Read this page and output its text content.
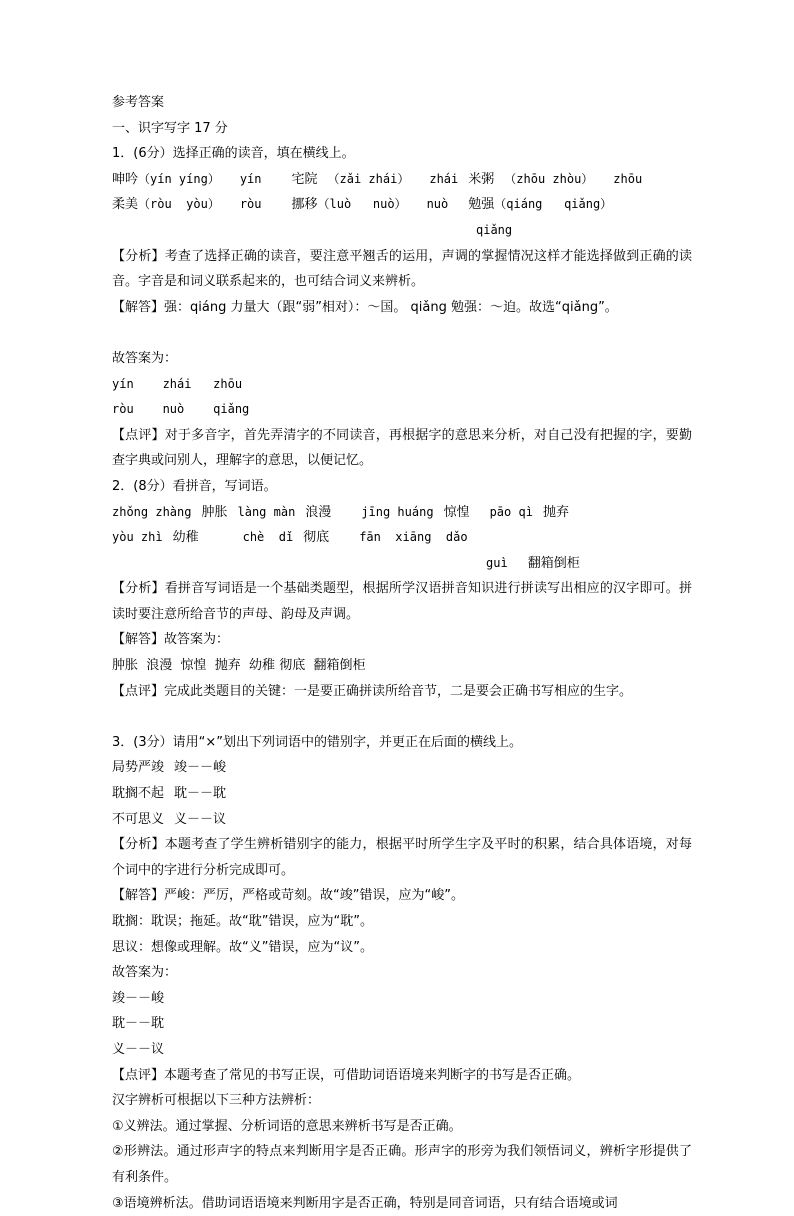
参考答案
一、识字写字 17 分
1．(6分）选择正确的读音，填在横线上。
呻吟（yín yíng） yín 宅院 （zǎi zhái） zhái 米粥 （zhōu zhòu） zhōu
柔美（ròu  yòu） ròu 挪移（luò   nuò） nuò 勉强（qiáng   qiǎng）
qiǎng
【分析】考查了选择正确的读音，要注意平翘舌的运用，声调的掌握情况这样才能选择做到正确的读音。字音是和词义联系起来的，也可结合词义来辨析。
【解答】强：qiáng 力量大（跟“弱”相对）：～国。 qiǎng 勉强：～迫。故选“qiǎng”。
故答案为：
yín    zhái   zhōu
ròu    nuò    qiǎng
【点评】对于多音字，首先弄清字的不同读音，再根据字的意思来分析，对自己没有把握的字，要勤查字典或问别人，理解字的意思，以便记忆。
2．(8分）看拼音，写词语。
zhǒng zhàng 肿胀 làng màn 浪漫	jīng huáng 惊惶 pāo qì 抛弃
yòu zhì 幼稚	chè  dǐ 彻底	fān  xiāng  dǎo
guì 翻箱倒柜
【分析】看拼音写词语是一个基础类题型，根据所学汉语拼音知识进行拼读写出相应的汉字即可。拼读时要注意所给音节的声母、韵母及声调。
【解答】故答案为：
肿胀  浪漫  惊惶  抛弃  幼稚 彻底  翻箱倒柜
【点评】完成此类题目的关键：一是要正确拼读所给音节，二是要会正确书写相应的生字。
3．(3分）请用“×”划出下列词语中的错别字，并更正在后面的横线上。
局势严竣 竣－－峻
耽搁不起 耽－－耽
不可思义 义－－议
【分析】本题考查了学生辨析错别字的能力，根据平时所学生字及平时的积累，结合具体语境，对每个词中的字进行分析完成即可。
【解答】严峻：严厉，严格或苛刻。故“竣”错误，应为“峻”。
耽搁：耽误；拖延。故“耽”错误，应为“耽”。
思议：想像或理解。故“义”错误，应为“议”。
故答案为：
竣－－峻
耽－－耽
义－－议
【点评】本题考查了常见的书写正误，可借助词语语境来判断字的书写是否正确。
汉字辨析可根据以下三种方法辨析：
①义辨法。通过掌握、分析词语的意思来辨析书写是否正确。
②形辨法。通过形声字的特点来判断用字是否正确。形声字的形旁为我们领悟词义，辨析字形提供了有利条件。
③语境辨析法。借助词语语境来判断用字是否正确，特别是同音词语，只有结合语境或词
